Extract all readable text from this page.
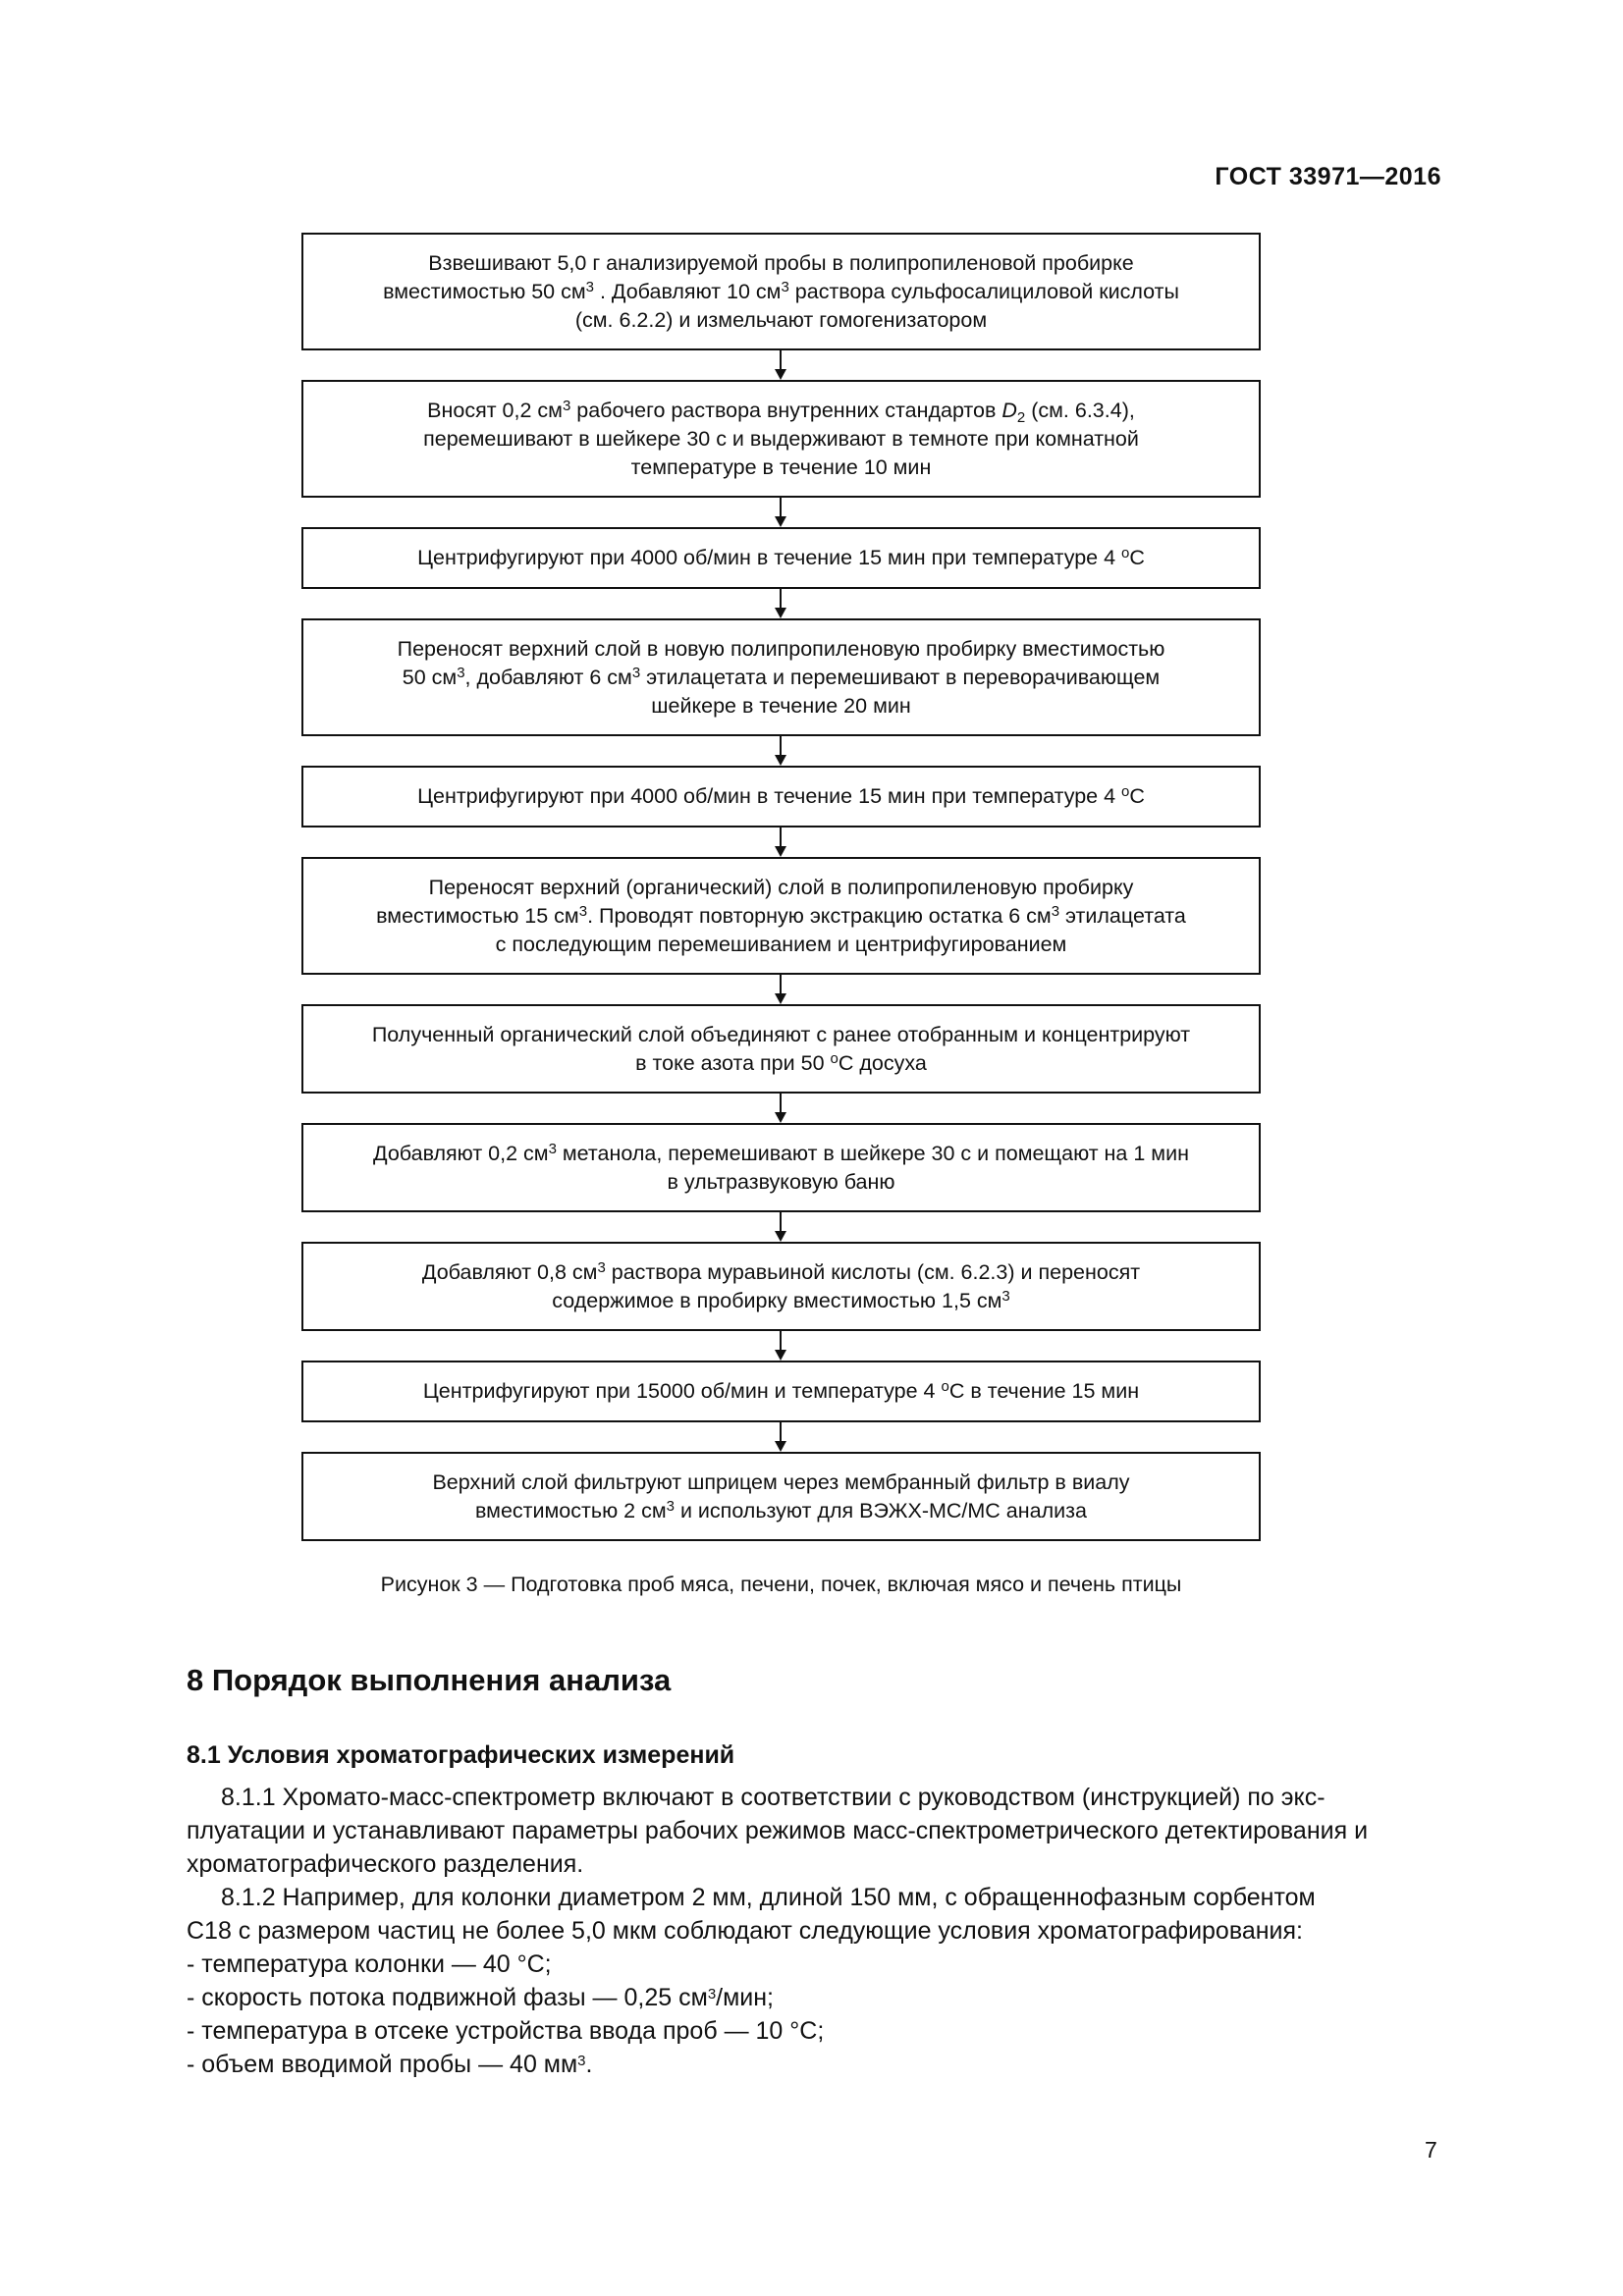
ГОСТ 33971—2016
Взвешивают 5,0 г анализируемой пробы в полипропиленовой пробирке
вместимостью 50 $см^3$ . Добавляют 10 $см^3$ раствора сульфосалициловой кислоты
(см. 6.2.2) и измельчают гомогенизатором
Вносят 0,2 $см^3$ рабочего раствора внутренних стандартов $D_2$ (см. 6.3.4),
перемешивают в шейкере 30 с и выдерживают в темноте при комнатной
температуре в течение 10 мин
Центрифугируют при 4000 об/мин в течение 15 мин при температуре 4 $^о$С
Переносят верхний слой в новую полипропиленовую пробирку вместимостью
50 $см^3$, добавляют 6 $см^3$ этилацетата и перемешивают в переворачивающем
шейкере в течение 20 мин
Центрифугируют при 4000 об/мин в течение 15 мин при температуре 4 $^о$С
Переносят верхний (органический) слой в полипропиленовую пробирку
вместимостью 15 $см^3$. Проводят повторную экстракцию остатка 6 $см^3$ этилацетата
с последующим перемешиванием и центрифугированием
Полученный органический слой объединяют с ранее отобранным и концентрируют
в токе азота при 50 $^о$С досуха
Добавляют 0,2 $см^3$ метанола, перемешивают в шейкере 30 с и помещают на 1 мин
в ультразвуковую баню
Добавляют 0,8 $см^3$ раствора муравьиной кислоты (см. 6.2.3) и переносят
содержимое в пробирку вместимостью 1,5 $см^3$
Центрифугируют при 15000 об/мин и температуре 4 $^о$С в течение 15 мин
Верхний слой фильтруют шприцем через мембранный фильтр в виалу
вместимостью 2 $см^3$ и используют для ВЭЖХ-МС/МС анализа
Рисунок 3 — Подготовка проб мяса, печени, почек, включая мясо и печень птицы
8 Порядок выполнения анализа
8.1 Условия хроматографических измерений
8.1.1 Хромато-масс-спектрометр включают в соответствии с руководством (инструкцией) по экс-
плуатации и устанавливают параметры рабочих режимов масс-спектрометрического детектирования и
хроматографического разделения.
8.1.2 Например, для колонки диаметром 2 мм, длиной 150 мм, с обращеннофазным сорбентом
С18 с размером частиц не более 5,0 мкм соблюдают следующие условия хроматографирования:
- температура колонки — 40 °С;
- скорость потока подвижной фазы — 0,25 $см^3$/мин;
- температура в отсеке устройства ввода проб — 10 °С;
- объем вводимой пробы — 40 $мм^3$.
7
